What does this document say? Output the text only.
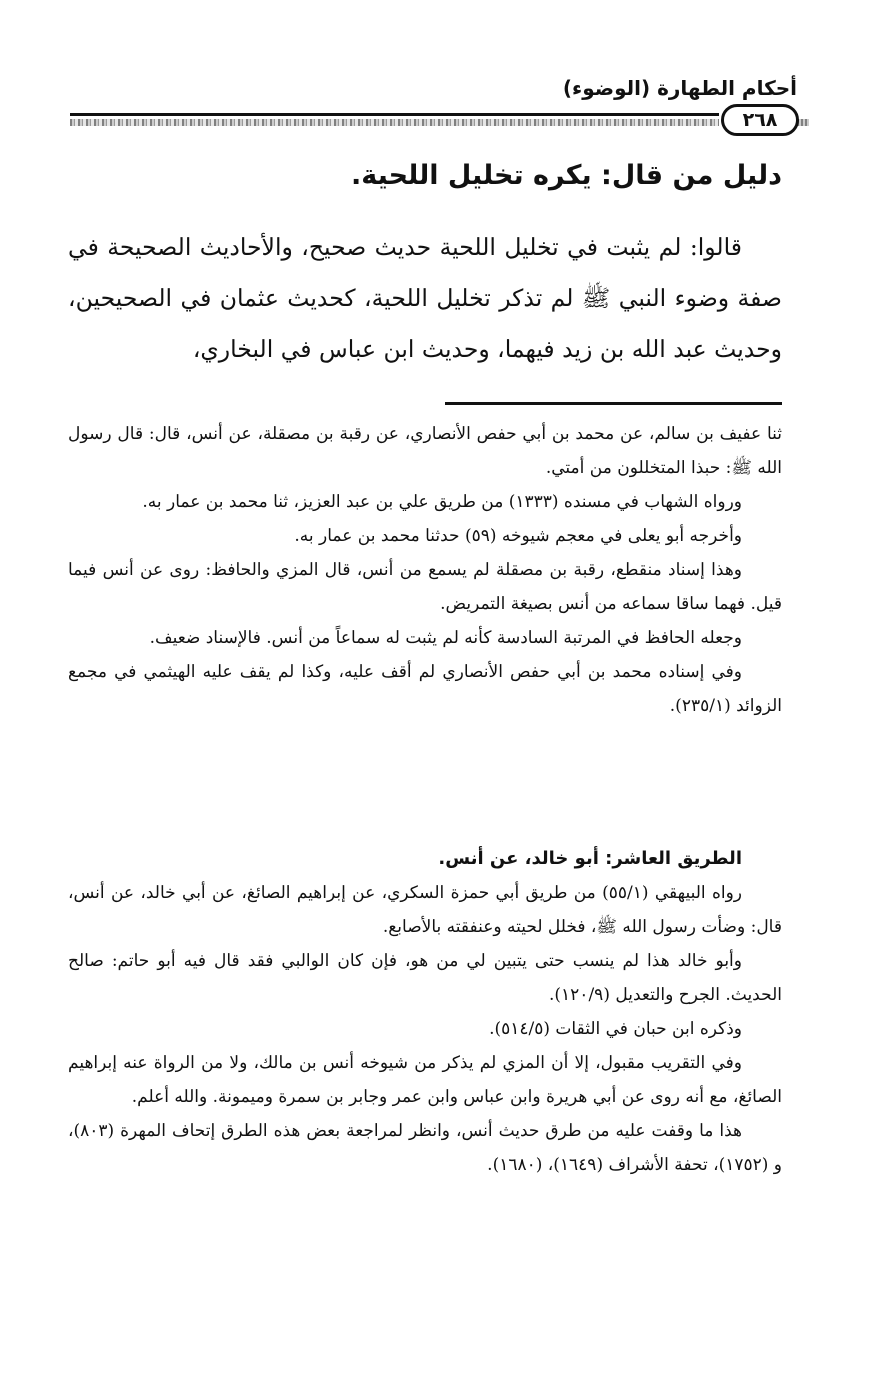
أحكام الطهارة (الوضوء)
٢٦٨
دليل من قال: يكره تخليل اللحية.

قالوا: لم يثبت في تخليل اللحية حديث صحيح، والأحاديث الصحيحة في صفة وضوء النبي ﷺ لم تذكر تخليل اللحية، كحديث عثمان في الصحيحين، وحديث عبد الله بن زيد فيهما، وحديث ابن عباس في البخاري،

ثنا عفيف بن سالم، عن محمد بن أبي حفص الأنصاري، عن رقبة بن مصقلة، عن أنس، قال: قال رسول الله ﷺ: حبذا المتخللون من أمتي.

ورواه الشهاب في مسنده (١٣٣٣) من طريق علي بن عبد العزيز، ثنا محمد بن عمار به.

وأخرجه أبو يعلى في معجم شيوخه (٥٩) حدثنا محمد بن عمار به.

وهذا إسناد منقطع، رقبة بن مصقلة لم يسمع من أنس، قال المزي والحافظ: روى عن أنس فيما قيل. فهما ساقا سماعه من أنس بصيغة التمريض.

وجعله الحافظ في المرتبة السادسة كأنه لم يثبت له سماعاً من أنس. فالإسناد ضعيف.

وفي إسناده محمد بن أبي حفص الأنصاري لم أقف عليه، وكذا لم يقف عليه الهيثمي في مجمع الزوائد (٢٣٥/١).

الطريق العاشر: أبو خالد، عن أنس.

رواه البيهقي (٥٥/١) من طريق أبي حمزة السكري، عن إبراهيم الصائغ، عن أبي خالد، عن أنس، قال: وضأت رسول الله ﷺ، فخلل لحيته وعنفقته بالأصابع.

وأبو خالد هذا لم ينسب حتى يتبين لي من هو، فإن كان الوالبي فقد قال فيه أبو حاتم: صالح الحديث. الجرح والتعديل (١٢٠/٩).

وذكره ابن حبان في الثقات (٥١٤/٥).

وفي التقريب مقبول، إلا أن المزي لم يذكر من شيوخه أنس بن مالك، ولا من الرواة عنه إبراهيم الصائغ، مع أنه روى عن أبي هريرة وابن عباس وابن عمر وجابر بن سمرة وميمونة. والله أعلم.

هذا ما وقفت عليه من طرق حديث أنس، وانظر لمراجعة بعض هذه الطرق إتحاف المهرة (٨٠٣)، و (١٧٥٢)، تحفة الأشراف (١٦٤٩)، (١٦٨٠).
